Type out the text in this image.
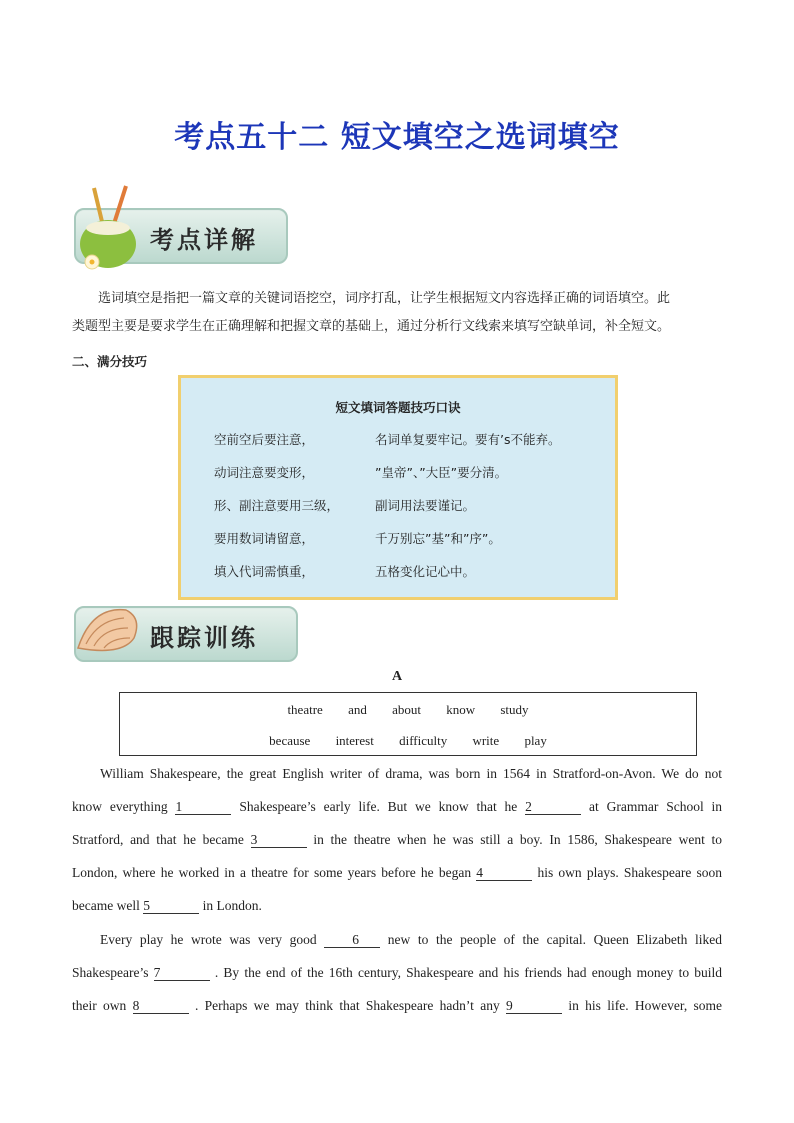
考点五十二 短文填空之选词填空
考点详解
选词填空是指把一篇文章的关键词语挖空，词序打乱，让学生根据短文内容选择正确的词语填空。此
类题型主要是要求学生在正确理解和把握文章的基础上，通过分析行文线索来填写空缺单词，补全短文。
二、满分技巧
短文填词答题技巧口诀
空前空后要注意，	名词单复要牢记。要有’s不能弃。
动词注意要变形，	”皇帝”、”大臣”要分清。
形、副注意要用三级，	副词用法要谨记。
要用数词请留意，	千万别忘”基”和”序”。
填入代词需慎重，	五格变化记心中。
跟踪训练
A
theatre and about know study
because interest difficulty write play
William Shakespeare, the great English writer of drama, was born in 1564 in Stratford-on-Avon. We do not
know everything 1	Shakespeare’s early life. But we know that he 2	at Grammar School in
Stratford, and that he became 3	in the theatre when he was still a boy. In 1586, Shakespeare went to
London, where he worked in a theatre for some years before he began 4	his own plays. Shakespeare soon
became well 5	in London.
Every play he wrote was very good	6 new to the people of the capital. Queen Elizabeth liked
Shakespeare’s 7	. By the end of the 16th century, Shakespeare and his friends had enough money to build
their own 8	. Perhaps we may think that Shakespeare hadn’t any 9	in his life. However, some
